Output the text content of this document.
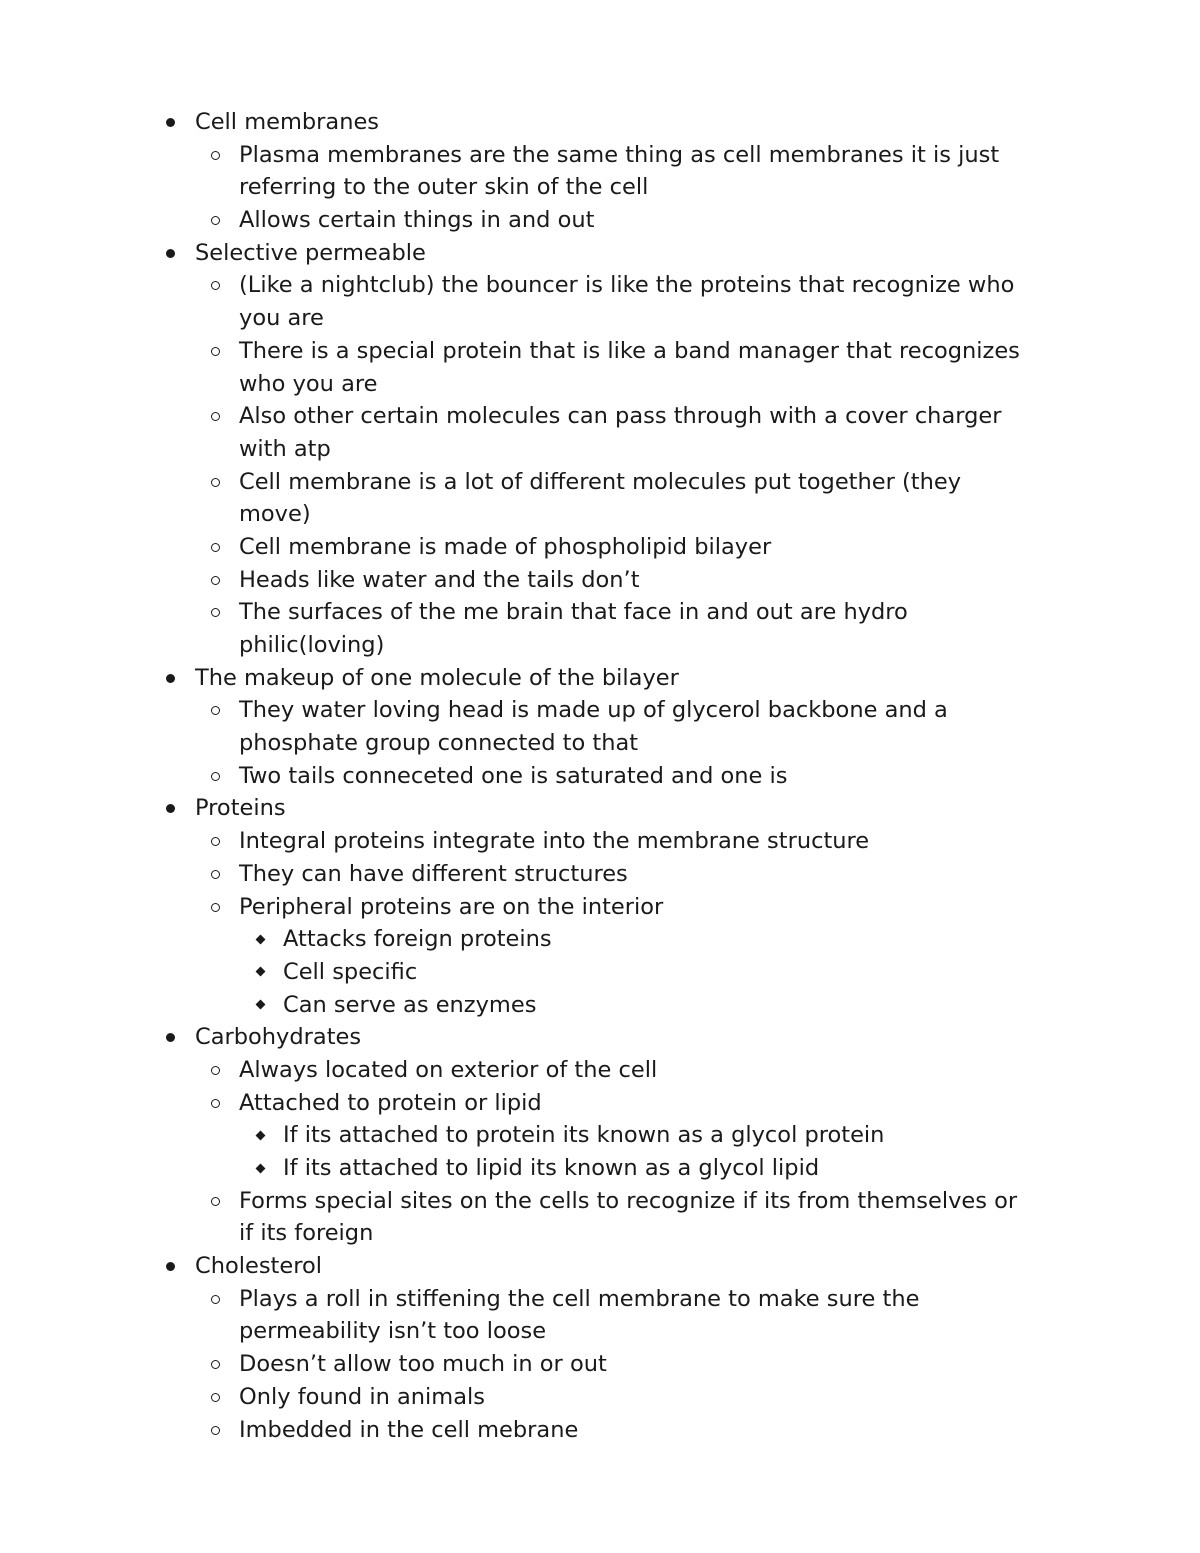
Cell membranes
Plasma membranes are the same thing as cell membranes it is just
referring to the outer skin of the cell
Allows certain things in and out
Selective permeable
(Like a nightclub) the bouncer is like the proteins that recognize who
you are
There is a special protein that is like a band manager that recognizes
who you are
Also other certain molecules can pass through with a cover charger
with atp
Cell membrane is a lot of different molecules put together (they
move)
Cell membrane is made of phospholipid bilayer
Heads like water and the tails don’t
The surfaces of the me brain that face in and out are hydro
philic(loving)
The makeup of one molecule of the bilayer
They water loving head is made up of glycerol backbone and a
phosphate group connected to that
Two tails conneceted one is saturated and one is
Proteins
Integral proteins integrate into the membrane structure
They can have different structures
Peripheral proteins are on the interior
Attacks foreign proteins
Cell specific
Can serve as enzymes
Carbohydrates
Always located on exterior of the cell
Attached to protein or lipid
If its attached to protein its known as a glycol protein
If its attached to lipid its known as a glycol lipid
Forms special sites on the cells to recognize if its from themselves or
if its foreign
Cholesterol
Plays a roll in stiffening the cell membrane to make sure the
permeability isn’t too loose
Doesn’t allow too much in or out
Only found in animals
Imbedded in the cell mebrane
